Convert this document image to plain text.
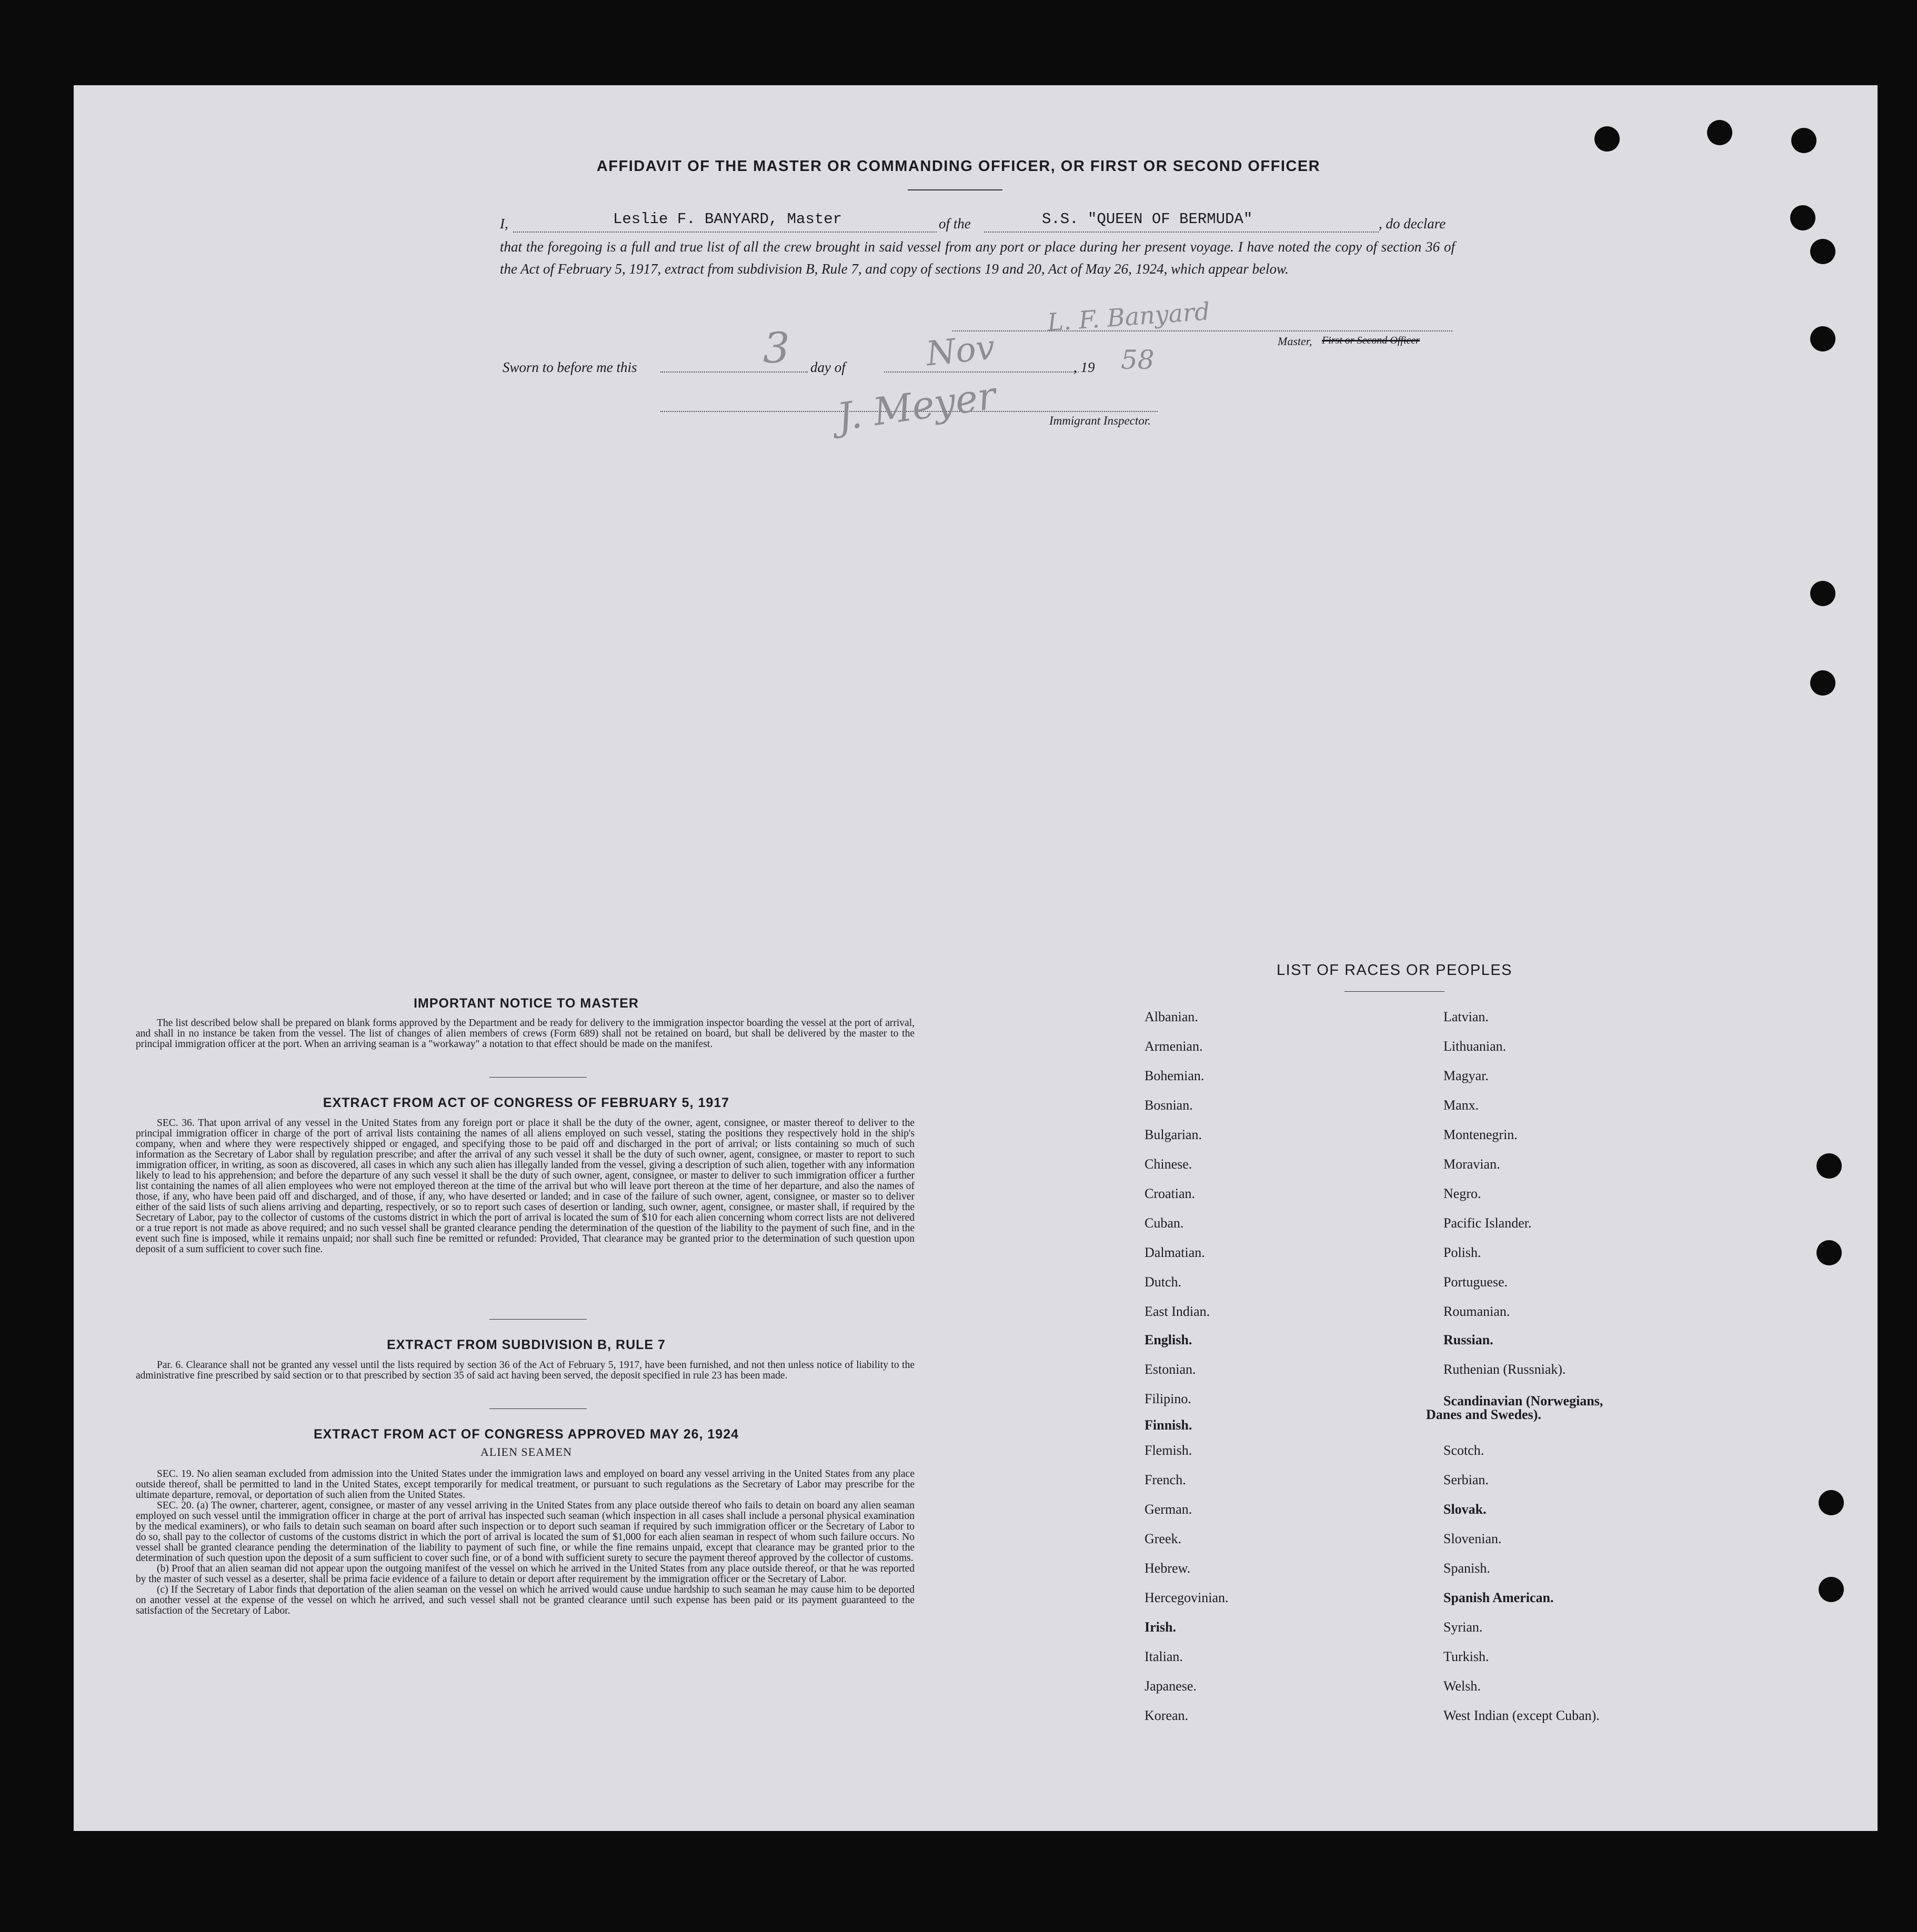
AFFIDAVIT OF THE MASTER OR COMMANDING OFFICER, OR FIRST OR SECOND OFFICER
I,	Leslie F. BANYARD, Master	of the	S.S. "QUEEN OF BERMUDA"	, do declare
that the foregoing is a full and true list of all the crew brought in said vessel from any port or place during her present voyage. I have noted the copy of section 36 of the Act of February 5, 1917, extract from subdivision B, Rule 7, and copy of sections 19 and 20, Act of May 26, 1924, which appear below.
L. F. Banyard
Master, First or Second Officer
Sworn to before me this	3 day of Nov	, 19 58
J. Meyer	Immigrant Inspector.
IMPORTANT NOTICE TO MASTER

The list described below shall be prepared on blank forms approved by the Department and be ready for delivery to the immigration inspector boarding the vessel at the port of arrival, and shall in no instance be taken from the vessel. The list of changes of alien members of crews (Form 689) shall not be retained on board, but shall be delivered by the master to the principal immigration officer at the port. When an arriving seaman is a "workaway" a notation to that effect should be made on the manifest.

EXTRACT FROM ACT OF CONGRESS OF FEBRUARY 5, 1917

SEC. 36. That upon arrival of any vessel in the United States from any foreign port or place it shall be the duty of the owner, agent, consignee, or master thereof to deliver to the principal immigration officer in charge of the port of arrival lists containing the names of all aliens employed on such vessel, stating the positions they respectively hold in the ship's company, when and where they were respectively shipped or engaged, and specifying those to be paid off and discharged in the port of arrival; or lists containing so much of such information as the Secretary of Labor shall by regulation prescribe; and after the arrival of any such vessel it shall be the duty of such owner, agent, consignee, or master to report to such immigration officer, in writing, as soon as discovered, all cases in which any such alien has illegally landed from the vessel, giving a description of such alien, together with any information likely to lead to his apprehension; and before the departure of any such vessel it shall be the duty of such owner, agent, consignee, or master to deliver to such immigration officer a further list containing the names of all alien employees who were not employed thereon at the time of the arrival but who will leave port thereon at the time of her departure, and also the names of those, if any, who have been paid off and discharged, and of those, if any, who have deserted or landed; and in case of the failure of such owner, agent, consignee, or master so to deliver either of the said lists of such aliens arriving and departing, respectively, or so to report such cases of desertion or landing, such owner, agent, consignee, or master shall, if required by the Secretary of Labor, pay to the collector of customs of the customs district in which the port of arrival is located the sum of $10 for each alien concerning whom correct lists are not delivered or a true report is not made as above required; and no such vessel shall be granted clearance pending the determination of the question of the liability to the payment of such fine, and in the event such fine is imposed, while it remains unpaid; nor shall such fine be remitted or refunded: Provided, That clearance may be granted prior to the determination of such question upon deposit of a sum sufficient to cover such fine.

EXTRACT FROM SUBDIVISION B, RULE 7

Par. 6. Clearance shall not be granted any vessel until the lists required by section 36 of the Act of February 5, 1917, have been furnished, and not then unless notice of liability to the administrative fine prescribed by said section or to that prescribed by section 35 of said act having been served, the deposit specified in rule 23 has been made.

EXTRACT FROM ACT OF CONGRESS APPROVED MAY 26, 1924
ALIEN SEAMEN

SEC. 19. No alien seaman excluded from admission into the United States under the immigration laws and employed on board any vessel arriving in the United States from any place outside thereof, shall be permitted to land in the United States, except temporarily for medical treatment, or pursuant to such regulations as the Secretary of Labor may prescribe for the ultimate departure, removal, or deportation of such alien from the United States.

SEC. 20. (a) The owner, charterer, agent, consignee, or master of any vessel arriving in the United States from any place outside thereof who fails to detain on board any alien seaman employed on such vessel until the immigration officer in charge at the port of arrival has inspected such seaman (which inspection in all cases shall include a personal physical examination by the medical examiners), or who fails to detain such seaman on board after such inspection or to deport such seaman if required by such immigration officer or the Secretary of Labor to do so, shall pay to the collector of customs of the customs district in which the port of arrival is located the sum of $1,000 for each alien seaman in respect of whom such failure occurs. No vessel shall be granted clearance pending the determination of the liability to payment of such fine, or while the fine remains unpaid, except that clearance may be granted prior to the determination of such question upon the deposit of a sum sufficient to cover such fine, or of a bond with sufficient surety to secure the payment thereof approved by the collector of customs.

(b) Proof that an alien seaman did not appear upon the outgoing manifest of the vessel on which he arrived in the United States from any place outside thereof, or that he was reported by the master of such vessel as a deserter, shall be prima facie evidence of a failure to detain or deport after requirement by the immigration officer or the Secretary of Labor.

(c) If the Secretary of Labor finds that deportation of the alien seaman on the vessel on which he arrived would cause undue hardship to such seaman he may cause him to be deported on another vessel at the expense of the vessel on which he arrived, and such vessel shall not be granted clearance until such expense has been paid or its payment guaranteed to the satisfaction of the Secretary of Labor.

LIST OF RACES OR PEOPLES
Albanian.
Armenian.
Bohemian.
Bosnian.
Bulgarian.
Chinese.
Croatian.
Cuban.
Dalmatian.
Dutch.
East Indian.
English.
Estonian.
Filipino.
Finnish.
Flemish.
French.
German.
Greek.
Hebrew.
Hercegovinian.
Irish.
Italian.
Japanese.
Korean.
Latvian.
Lithuanian.
Magyar.
Manx.
Montenegrin.
Moravian.
Negro.
Pacific Islander.
Polish.
Portuguese.
Roumanian.
Russian.
Ruthenian (Russniak).
Scandinavian (Norwegians,
Danes and Swedes).
Scotch.
Serbian.
Slovak.
Slovenian.
Spanish.
Spanish American.
Syrian.
Turkish.
Welsh.
West Indian (except Cuban).
